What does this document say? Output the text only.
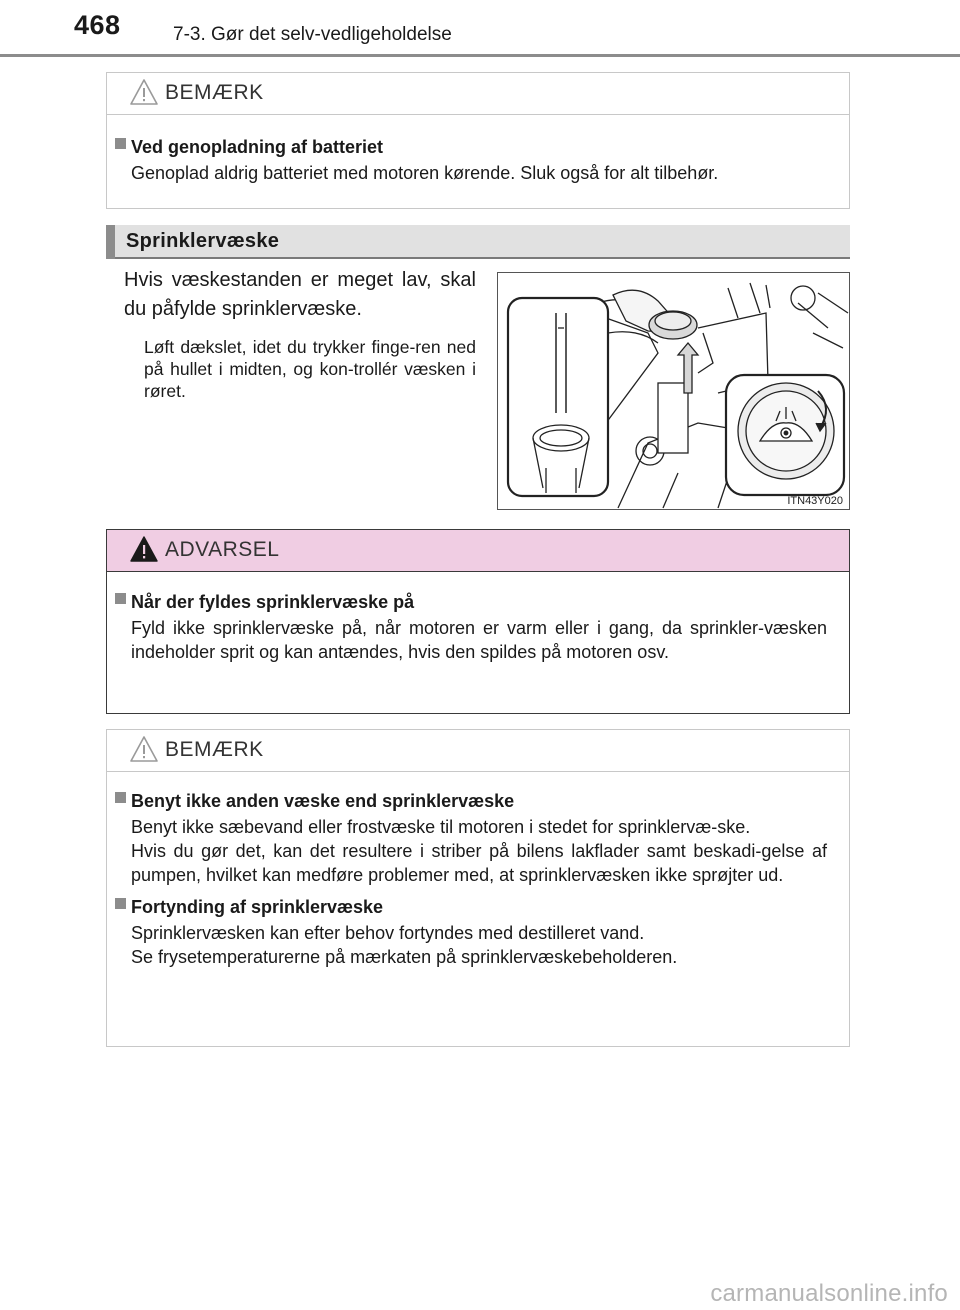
468	7-3. Gør det selv-vedligeholdelse
BEMÆRK
Ved genopladning af batteriet
Genoplad aldrig batteriet med motoren kørende. Sluk også for alt tilbehør.
Sprinklervæske
Hvis væskestanden er meget lav, skal du påfylde sprinklervæske.
Løft dækslet, idet du trykker finge-ren ned på hullet i midten, og kon-trollér væsken i røret.
ITN43Y020
ADVARSEL
Når der fyldes sprinklervæske på
Fyld ikke sprinklervæske på, når motoren er varm eller i gang, da sprinkler-væsken indeholder sprit og kan antændes, hvis den spildes på motoren osv.
BEMÆRK
Benyt ikke anden væske end sprinklervæske
Benyt ikke sæbevand eller frostvæske til motoren i stedet for sprinklervæ-ske.
Hvis du gør det, kan det resultere i striber på bilens lakflader samt beskadi-gelse af pumpen, hvilket kan medføre problemer med, at sprinklervæsken ikke sprøjter ud.
Fortynding af sprinklervæske
Sprinklervæsken kan efter behov fortyndes med destilleret vand.
Se frysetemperaturerne på mærkaten på sprinklervæskebeholderen.
carmanualsonline.info
